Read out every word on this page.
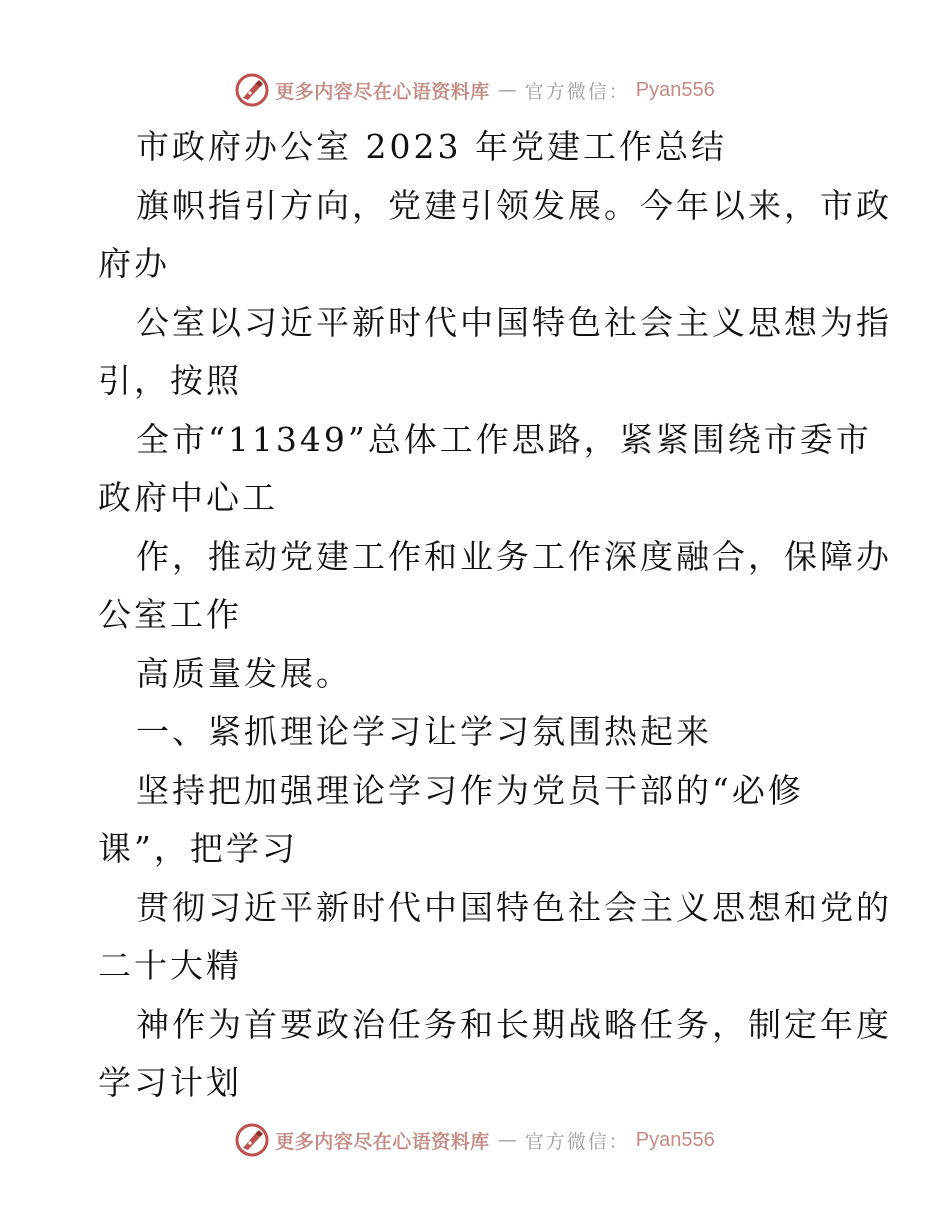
更多内容尽在心语资料库 — 官方微信： Pyan556
市政府办公室 2023 年党建工作总结
旗帜指引方向，党建引领发展。今年以来，市政
府办
公室以习近平新时代中国特色社会主义思想为指
引，按照
全市“11349”总体工作思路，紧紧围绕市委市
政府中心工
作，推动党建工作和业务工作深度融合，保障办
公室工作
高质量发展。
一、紧抓理论学习让学习氛围热起来
坚持把加强理论学习作为党员干部的“必修
课”，把学习
贯彻习近平新时代中国特色社会主义思想和党的
二十大精
神作为首要政治任务和长期战略任务，制定年度
学习计划
更多内容尽在心语资料库 — 官方微信： Pyan556
